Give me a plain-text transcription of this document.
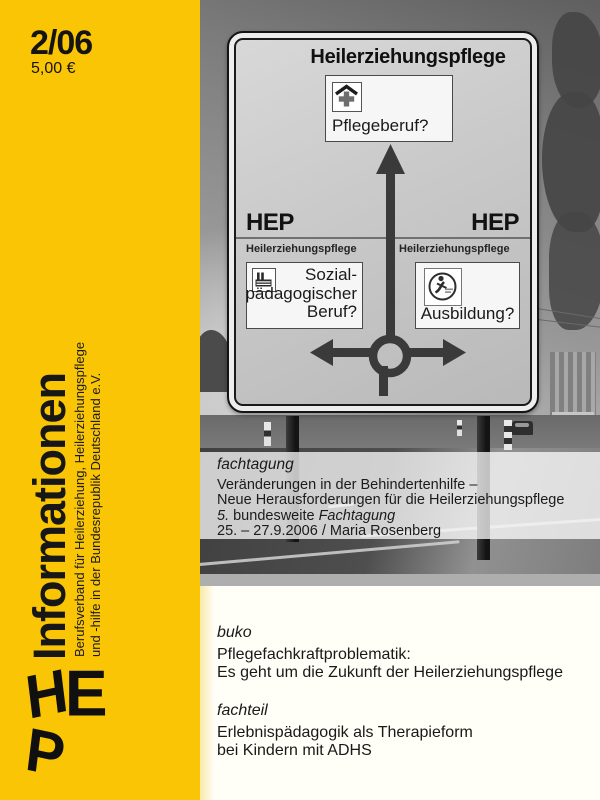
2/06
5,00 €
Informationen
Berufsverband für Heilerziehung, Heilerziehungspflege und -hilfe in der Bundesrepublik Deutschland e.V.
HEP
Heilerziehungspflege
Pflegeberuf?
HEP	HEP
Heilerziehungspflege	Heilerziehungspflege
Sozial-
pädagogischer
Beruf?	Ausbildung?
fachtagung
Veränderungen in der Behindertenhilfe –
Neue Herausforderungen für die Heilerziehungspflege
5. bundesweite Fachtagung
25. – 27.9.2006 / Maria Rosenberg
buko
Pflegefachkraftproblematik:
Es geht um die Zukunft der Heilerziehungspflege
fachteil
Erlebnispädagogik als Therapieform
bei Kindern mit ADHS
